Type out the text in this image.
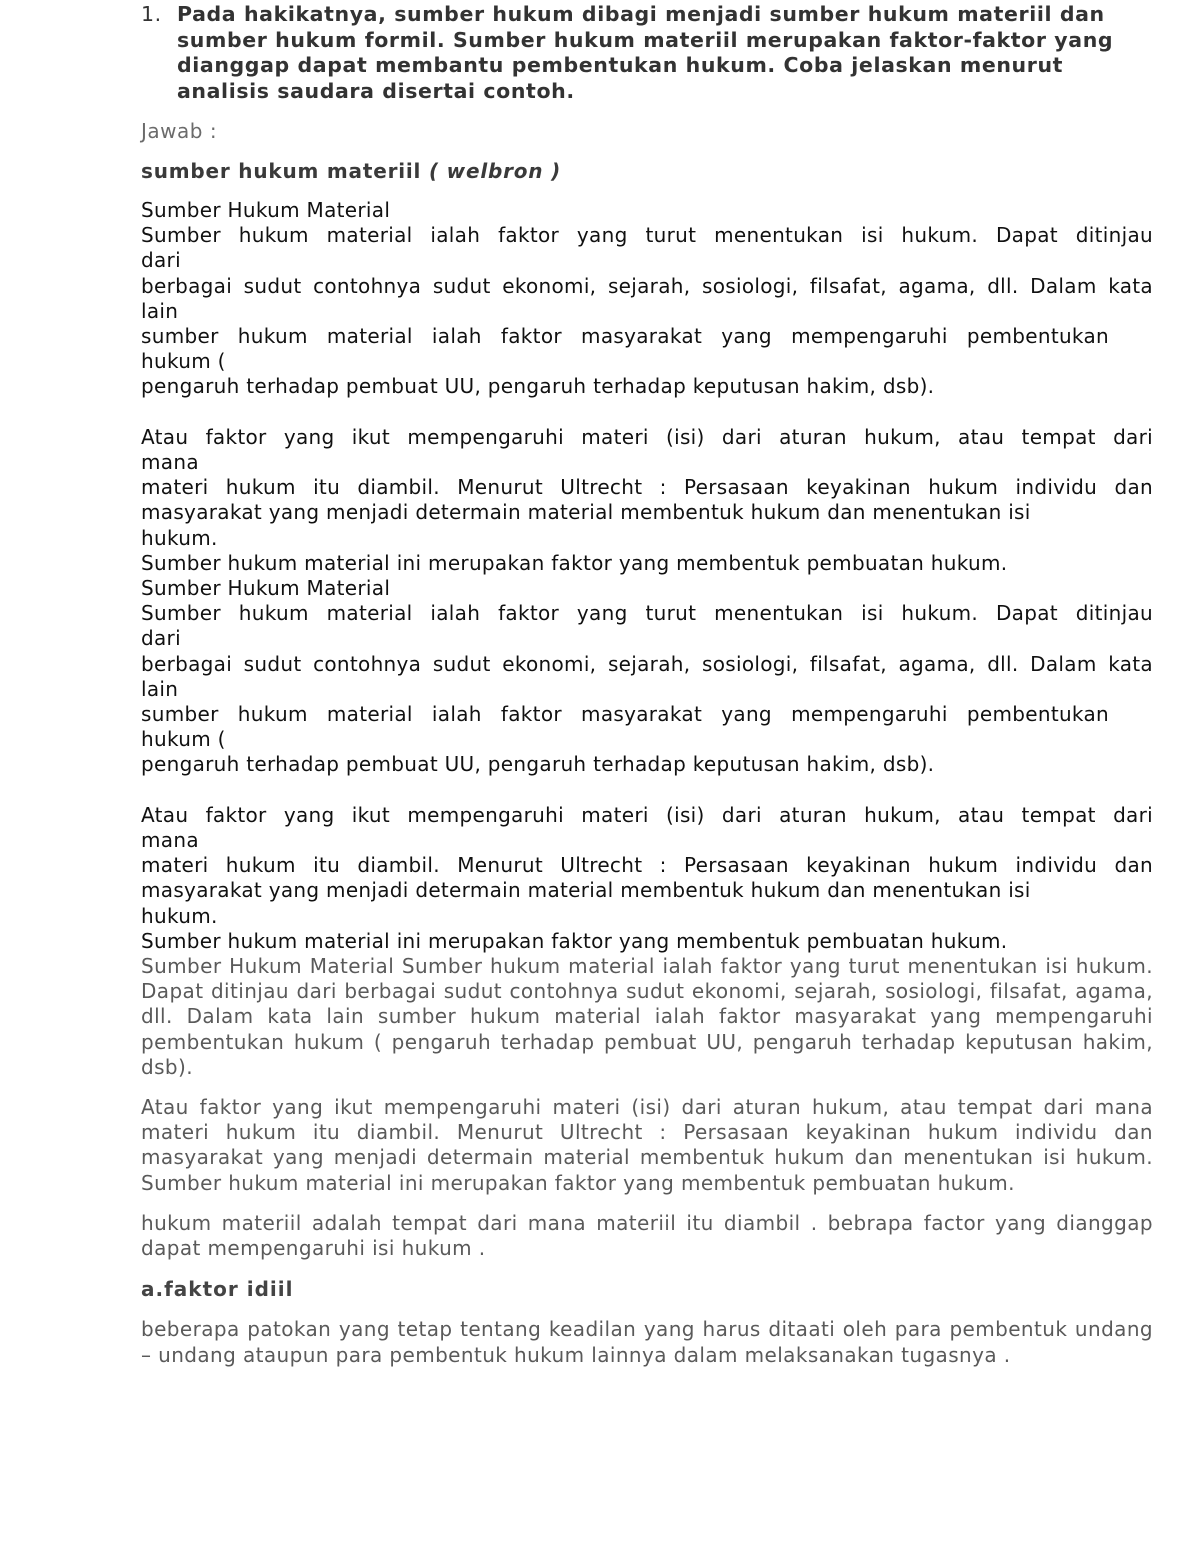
1. Pada hakikatnya, sumber hukum dibagi menjadi sumber hukum materiil dan sumber hukum formil. Sumber hukum materiil merupakan faktor-faktor yang dianggap dapat membantu pembentukan hukum. Coba jelaskan menurut analisis saudara disertai contoh.
Jawab :
sumber hukum materiil ( welbron )
Sumber Hukum Material
Sumber hukum material ialah faktor yang turut menentukan isi hukum. Dapat ditinjau
dari
berbagai sudut contohnya sudut ekonomi, sejarah, sosiologi, filsafat, agama, dll. Dalam kata
lain
sumber hukum material ialah faktor masyarakat yang mempengaruhi pembentukan
hukum (
pengaruh terhadap pembuat UU, pengaruh terhadap keputusan hakim, dsb).
Atau faktor yang ikut mempengaruhi materi (isi) dari aturan hukum, atau tempat dari
mana
materi hukum itu diambil. Menurut Ultrecht : Persasaan keyakinan hukum individu dan
masyarakat yang menjadi determain material membentuk hukum dan menentukan isi
hukum.
Sumber hukum material ini merupakan faktor yang membentuk pembuatan hukum.
Sumber Hukum Material
Sumber hukum material ialah faktor yang turut menentukan isi hukum. Dapat ditinjau
dari
berbagai sudut contohnya sudut ekonomi, sejarah, sosiologi, filsafat, agama, dll. Dalam kata
lain
sumber hukum material ialah faktor masyarakat yang mempengaruhi pembentukan
hukum (
pengaruh terhadap pembuat UU, pengaruh terhadap keputusan hakim, dsb).
Atau faktor yang ikut mempengaruhi materi (isi) dari aturan hukum, atau tempat dari
mana
materi hukum itu diambil. Menurut Ultrecht : Persasaan keyakinan hukum individu dan
masyarakat yang menjadi determain material membentuk hukum dan menentukan isi
hukum.
Sumber hukum material ini merupakan faktor yang membentuk pembuatan hukum.

Sumber Hukum Material Sumber hukum material ialah faktor yang turut menentukan isi hukum. Dapat ditinjau dari berbagai sudut contohnya sudut ekonomi, sejarah, sosiologi, filsafat, agama, dll. Dalam kata lain sumber hukum material ialah faktor masyarakat yang mempengaruhi pembentukan hukum ( pengaruh terhadap pembuat UU, pengaruh terhadap keputusan hakim, dsb).

Atau faktor yang ikut mempengaruhi materi (isi) dari aturan hukum, atau tempat dari mana materi hukum itu diambil. Menurut Ultrecht : Persasaan keyakinan hukum individu dan masyarakat yang menjadi determain material membentuk hukum dan menentukan isi hukum. Sumber hukum material ini merupakan faktor yang membentuk pembuatan hukum.

hukum materiil adalah tempat dari mana materiil itu diambil . bebrapa factor yang dianggap dapat mempengaruhi isi hukum .

a.faktor idiil

beberapa patokan yang tetap tentang keadilan yang harus ditaati oleh para pembentuk undang – undang ataupun para pembentuk hukum lainnya dalam melaksanakan tugasnya .
